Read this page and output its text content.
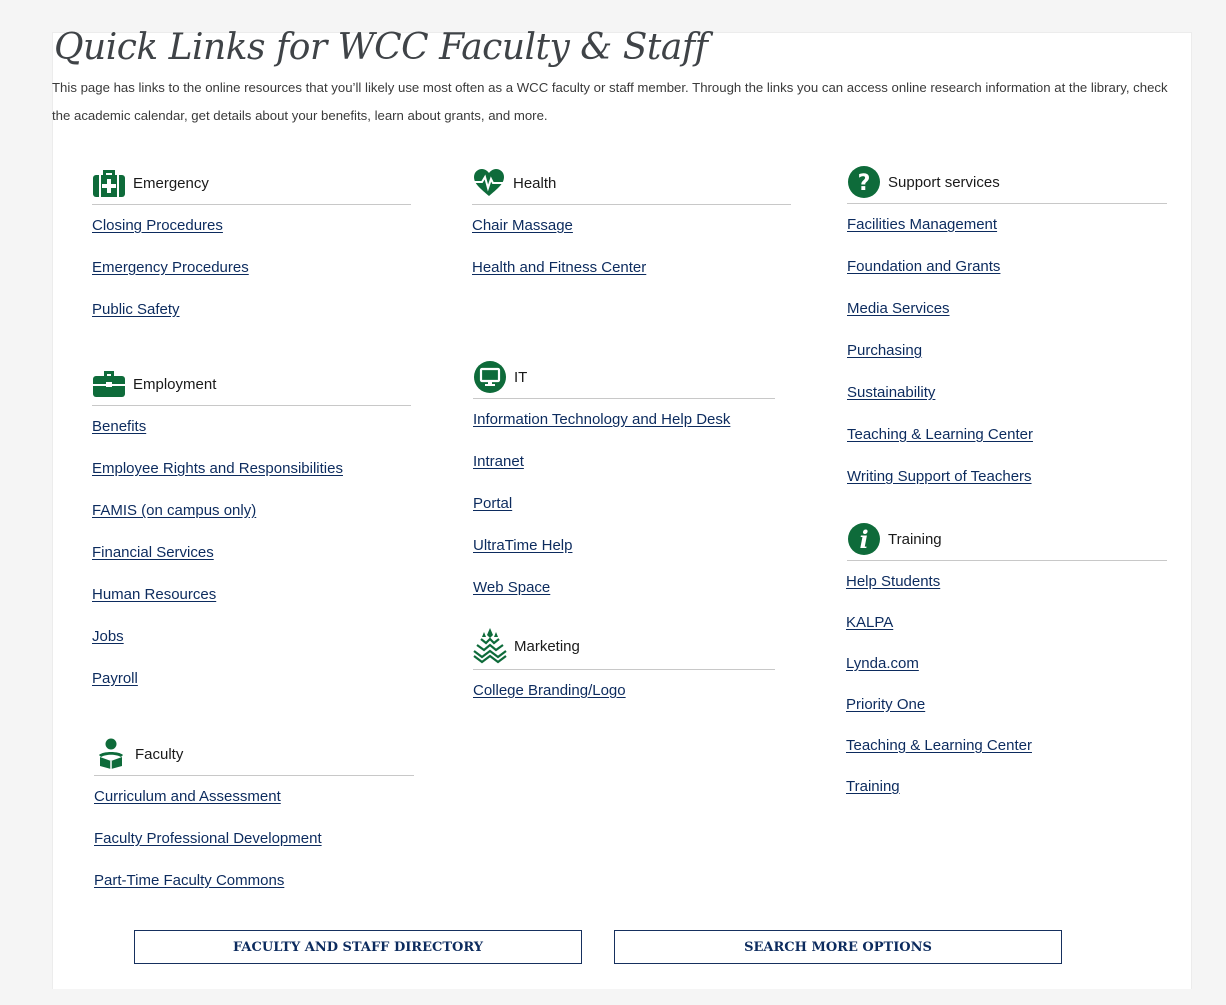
Quick Links for WCC Faculty & Staff

This page has links to the online resources that you’ll likely use most often as a WCC faculty or staff member. Through the links you can access online research information at the library, check the academic calendar, get details about your benefits, learn about grants, and more.

Emergency
Closing Procedures
Emergency Procedures
Public Safety
Employment
Benefits
Employee Rights and Responsibilities
FAMIS (on campus only)
Financial Services
Human Resources
Jobs
Payroll
Faculty
Curriculum and Assessment
Faculty Professional Development
Part-Time Faculty Commons
Health
Chair Massage
Health and Fitness Center
IT
Information Technology and Help Desk
Intranet
Portal
UltraTime Help
Web Space
Marketing
College Branding/Logo
? Support services
Facilities Management
Foundation and Grants
Media Services
Purchasing
Sustainability
Teaching & Learning Center
Writing Support of Teachers
i Training
Help Students
KALPA
Lynda.com
Priority One
Teaching & Learning Center
Training
FACULTY AND STAFF DIRECTORY	SEARCH MORE OPTIONS
